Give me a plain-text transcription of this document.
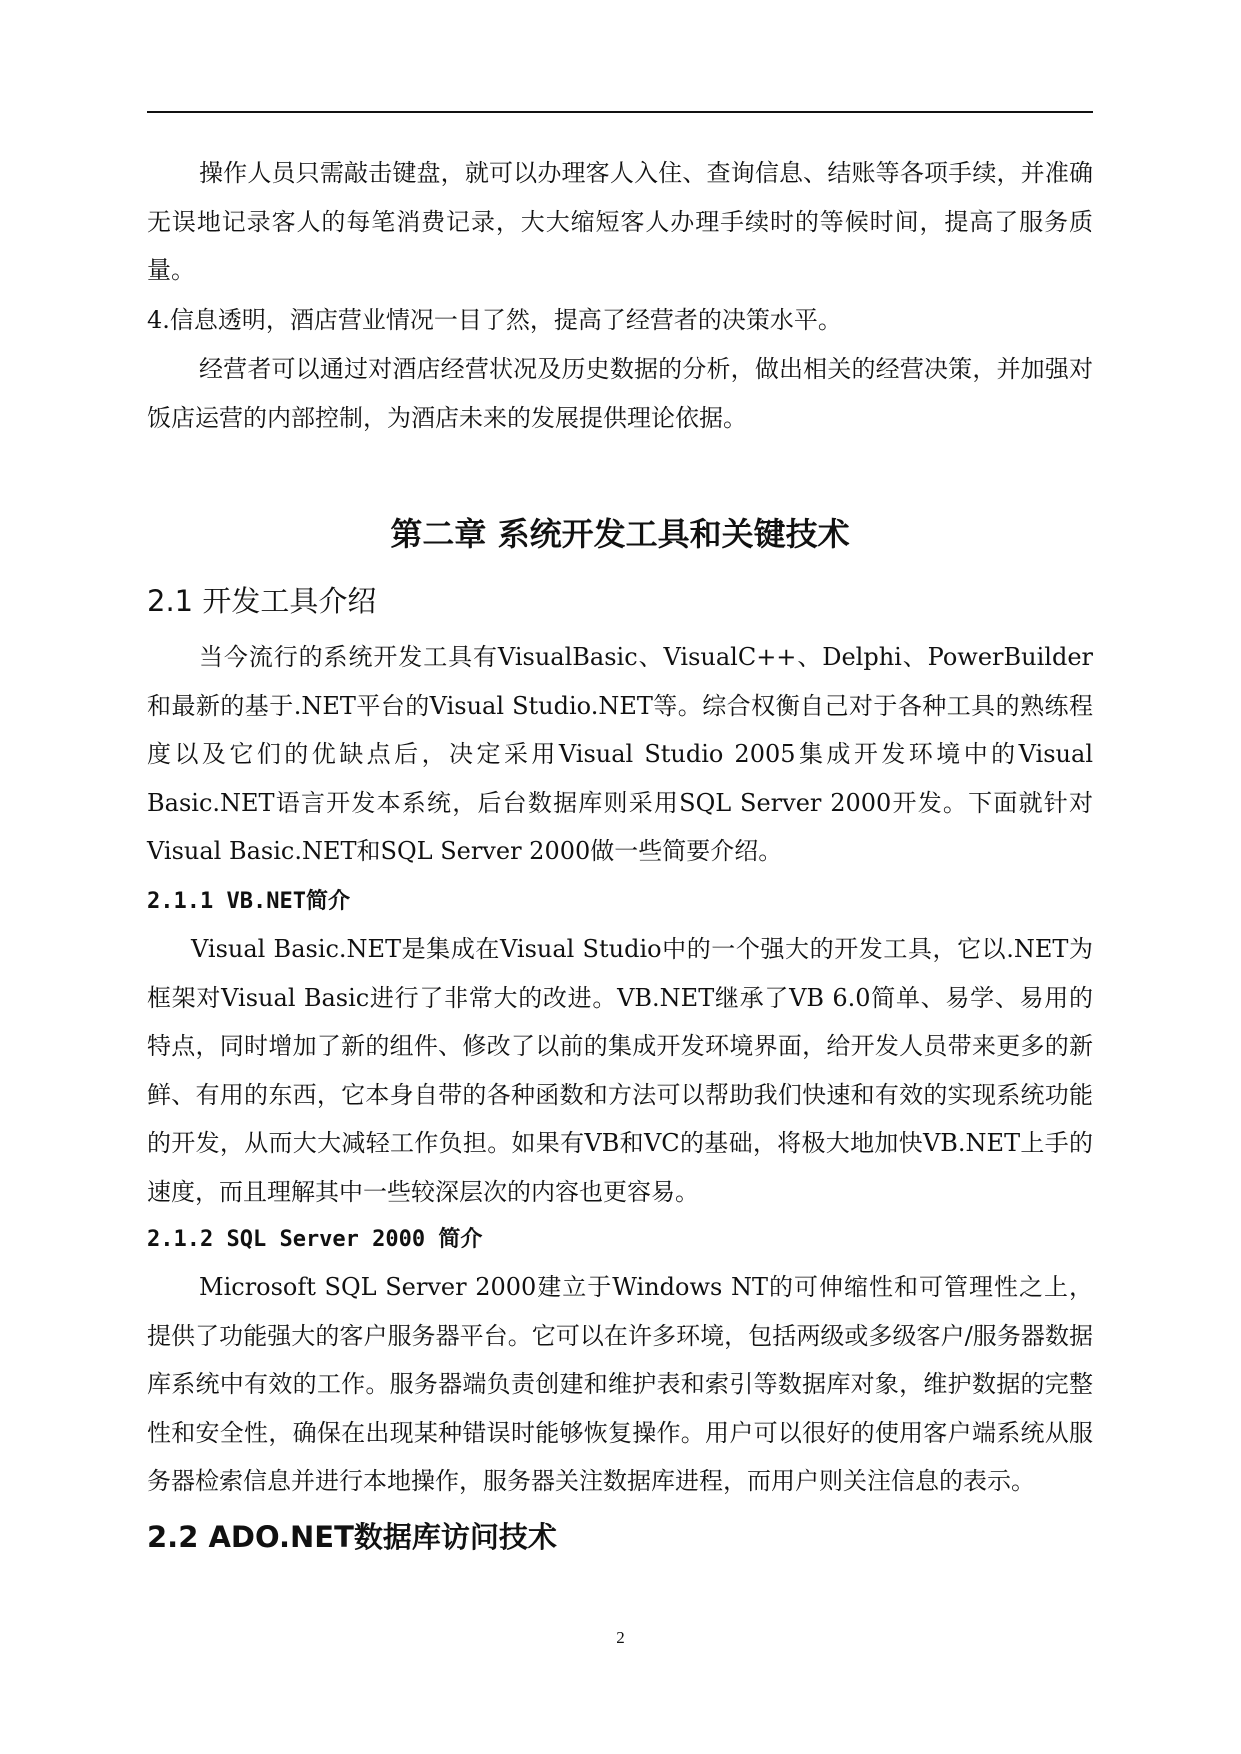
操作人员只需敲击键盘，就可以办理客人入住、查询信息、结账等各项手续，并准确无误地记录客人的每笔消费记录，大大缩短客人办理手续时的等候时间，提高了服务质量。

4.信息透明，酒店营业情况一目了然，提高了经营者的决策水平。

经营者可以通过对酒店经营状况及历史数据的分析，做出相关的经营决策，并加强对饭店运营的内部控制，为酒店未来的发展提供理论依据。

第二章 系统开发工具和关键技术
2.1 开发工具介绍

当今流行的系统开发工具有VisualBasic、VisualC++、Delphi、PowerBuilder和最新的基于.NET平台的Visual Studio.NET等。综合权衡自己对于各种工具的熟练程度以及它们的优缺点后，决定采用Visual Studio 2005集成开发环境中的Visual Basic.NET语言开发本系统，后台数据库则采用SQL Server 2000开发。下面就针对Visual Basic.NET和SQL Server 2000做一些简要介绍。

2.1.1 VB.NET简介

Visual Basic.NET是集成在Visual Studio中的一个强大的开发工具，它以.NET为框架对Visual Basic进行了非常大的改进。VB.NET继承了VB 6.0简单、易学、易用的特点，同时增加了新的组件、修改了以前的集成开发环境界面，给开发人员带来更多的新鲜、有用的东西，它本身自带的各种函数和方法可以帮助我们快速和有效的实现系统功能的开发，从而大大减轻工作负担。如果有VB和VC的基础，将极大地加快VB.NET上手的速度，而且理解其中一些较深层次的内容也更容易。

2.1.2 SQL Server 2000 简介

Microsoft SQL Server 2000建立于Windows NT的可伸缩性和可管理性之上，提供了功能强大的客户服务器平台。它可以在许多环境，包括两级或多级客户/服务器数据库系统中有效的工作。服务器端负责创建和维护表和索引等数据库对象，维护数据的完整性和安全性，确保在出现某种错误时能够恢复操作。用户可以很好的使用客户端系统从服务器检索信息并进行本地操作，服务器关注数据库进程，而用户则关注信息的表示。

2.2 ADO.NET数据库访问技术
2
